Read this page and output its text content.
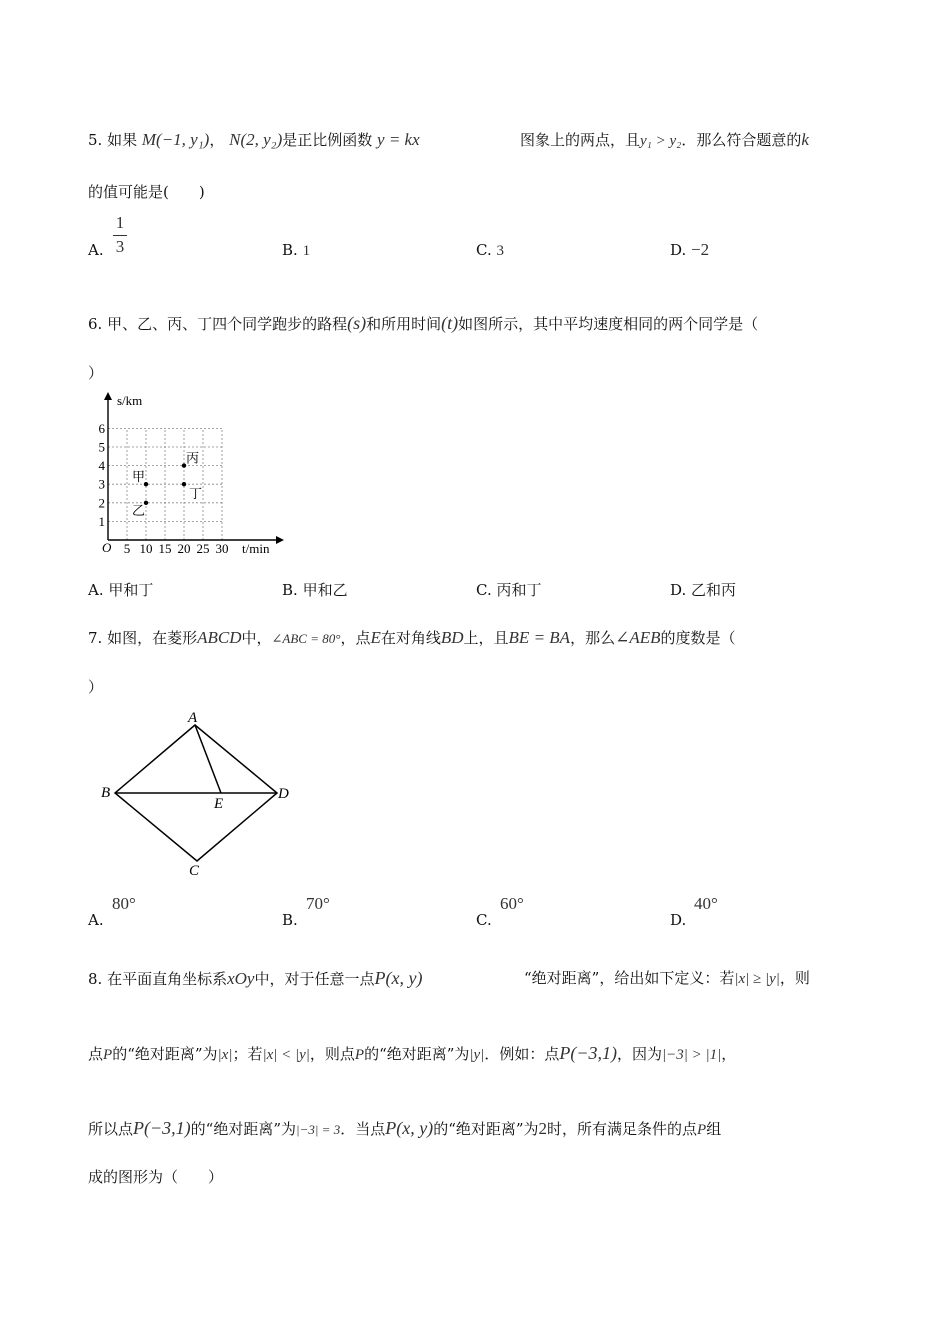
5. 如果 M(−1, y₁)， N(2, y₂)是正比例函数 y = kx	图象上的两点，且y₁ > y₂．那么符合题意的k
的值可能是(　　)
A.
1
3	B. 1	C. 3	D. −2
6. 甲、乙、丙、丁四个同学跑步的路程(s)和所用时间(t)如图所示，其中平均速度相同的两个同学是（
）
s/km
t/min
O
1
2
3
4
5
6
5 10 15 20 25 30
甲
乙
丙
丁
A. 甲和丁	B. 甲和乙	C. 丙和丁	D. 乙和丙
7. 如图，在菱形ABCD中，∠ABC = 80°，点E在对角线BD上，且BE = BA，那么∠AEB的度数是（
）
A
B
C
D
E
A.
80°
B.
70°
C.
60°
D.
40°
8. 在平面直角坐标系xOy中，对于任意一点P(x, y)	“绝对距离”，给出如下定义：若|x| ≥ |y|，则
点P的“绝对距离”为|x|；若|x| < |y|，则点P的“绝对距离”为|y|．例如：点P(−3,1)，因为|−3| > |1|，
所以点P(−3,1)的“绝对距离”为|−3| = 3．当点P(x, y)的“绝对距离”为2时，所有满足条件的点P组
成的图形为（　　）
